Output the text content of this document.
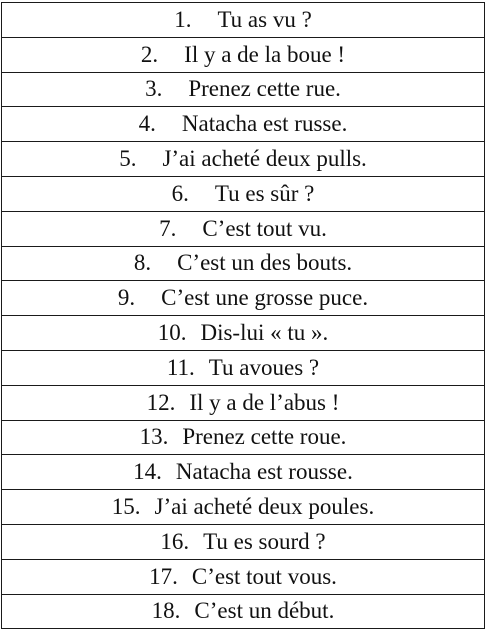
1. Tu as vu ?
2. Il y a de la boue !
3. Prenez cette rue.
4. Natacha est russe.
5. J’ai acheté deux pulls.
6. Tu es sûr ?
7. C’est tout vu.
8. C’est un des bouts.
9. C’est une grosse puce.
10. Dis-lui « tu ».
11. Tu avoues ?
12. Il y a de l’abus !
13. Prenez cette roue.
14. Natacha est rousse.
15. J’ai acheté deux poules.
16. Tu es sourd ?
17. C’est tout vous.
18. C’est un début.
